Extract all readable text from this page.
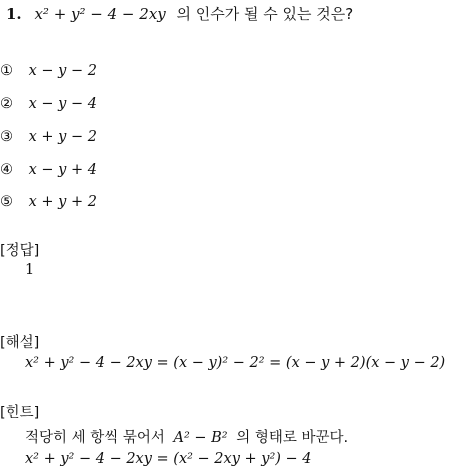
1. x² + y² − 4 − 2xy 의 인수가 될 수 있는 것은?
① x − y − 2
② x − y − 4
③ x + y − 2
④ x − y + 4
⑤ x + y + 2
[정답]
1
[해설]
x² + y² − 4 − 2xy = (x − y)² − 2² = (x − y + 2)(x − y − 2)
[힌트]
적당히 세 항씩 묶어서 A² − B² 의 형태로 바꾼다.
x² + y² − 4 − 2xy = (x² − 2xy + y²) − 4
